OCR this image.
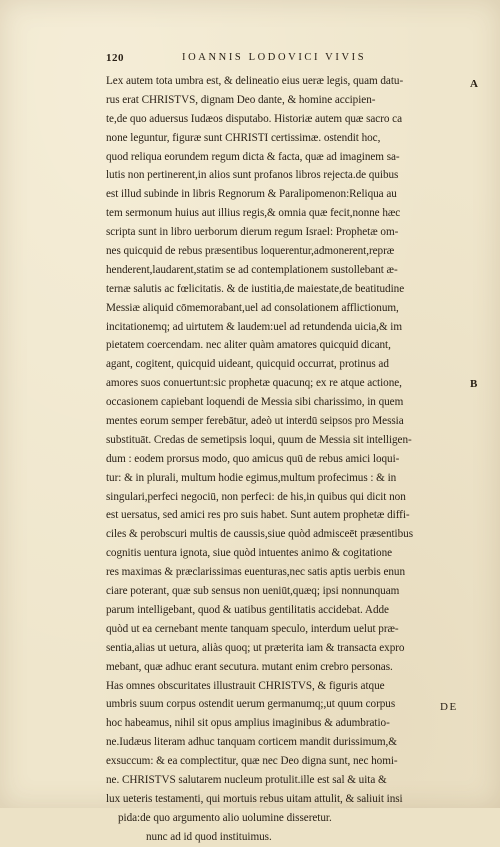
120	IOANNIS LODOVICI VIVIS
A
B
Lex autem tota umbra est, & delineatio eius ueræ legis, quam datu-
rus erat CHRISTVS, dignam Deo dante, & homine accipien-
te,de quo aduersus Iudæos disputabo. Historiæ autem quæ sacro ca
none leguntur, figuræ sunt CHRISTI certissimæ. ostendit hoc,
quod reliqua eorundem regum dicta & facta, quæ ad imaginem sa-
lutis non pertinerent,in alios sunt profanos libros rejecta.de quibus
est illud subinde in libris Regnorum & Paralipomenon:Reliqua au
tem sermonum huius aut illius regis,& omnia quæ fecit,nonne hæc
scripta sunt in libro uerborum dierum regum Israel: Prophetæ om-
nes quicquid de rebus præsentibus loquerentur,admonerent,repræ
henderent,laudarent,statim se ad contemplationem sustollebant æ-
ternæ salutis ac fœlicitatis. & de iustitia,de maiestate,de beatitudine
Messiæ aliquid cōmemorabant,uel ad consolationem afflictionum,
incitationemq; ad uirtutem & laudem:uel ad retundenda uicia,& im
pietatem coercendam. nec aliter quàm amatores quicquid dicant,
agant, cogitent, quicquid uideant, quicquid occurrat, protinus ad
amores suos conuertunt:sic prophetæ quacunq; ex re atque actione,
occasionem capiebant loquendi de Messia sibi charissimo, in quem
mentes eorum semper ferebātur, adeò ut interdū seipsos pro Messia
substituāt. Credas de semetipsis loqui, quum de Messia sit intelligen-
dum : eodem prorsus modo, quo amicus quū de rebus amici loqui-
tur: & in plurali, multum hodie egimus,multum profecimus : & in
singulari,perfeci negociū, non perfeci: de his,in quibus qui dicit non
est uersatus, sed amici res pro suis habet. Sunt autem prophetæ diffi-
ciles & perobscuri multis de caussis,siue quòd admisceēt præsentibus
cognitis uentura ignota, siue quòd intuentes animo & cogitatione
res maximas & præclarissimas euenturas,nec satis aptis uerbis enun
ciare poterant, quæ sub sensus non ueniūt,quæq; ipsi nonnunquam
parum intelligebant, quod & uatibus gentilitatis accidebat. Adde
quòd ut ea cernebant mente tanquam speculo, interdum uelut præ-
sentia,alias ut uetura, aliàs quoq; ut præterita iam & transacta expro
mebant, quæ adhuc erant secutura. mutant enim crebro personas.
Has omnes obscuritates illustrauit CHRISTVS, & figuris atque
umbris suum corpus ostendit uerum germanumq;,ut quum corpus
hoc habeamus, nihil sit opus amplius imaginibus & adumbratio-
ne.Iudæus literam adhuc tanquam corticem mandit durissimum,&
exsuccum: & ea complectitur, quæ nec Deo digna sunt, nec homi-
ne. CHRISTVS salutarem nucleum protulit.ille est sal & uita &
lux ueteris testamenti, qui mortuis rebus uitam attulit, & saliuit insi
pida:de quo argumento alio uolumine disseretur.
nunc ad id quod instituimus.
DE
